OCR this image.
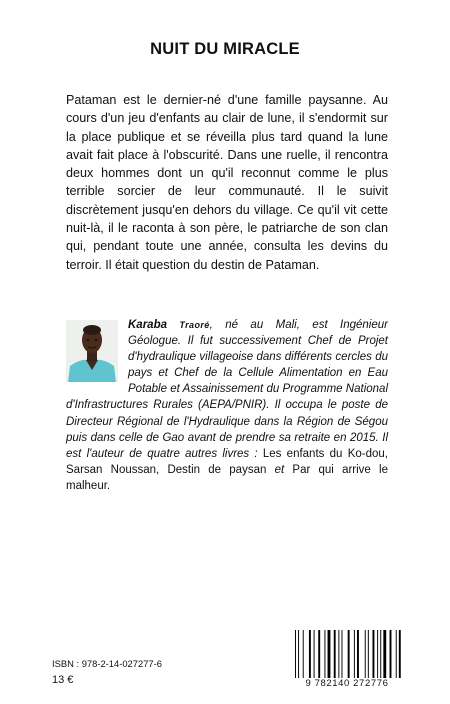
NUIT DU MIRACLE
Pataman est le dernier-né d'une famille paysanne. Au cours d'un jeu d'enfants au clair de lune, il s'endormit sur la place publique et se réveilla plus tard quand la lune avait fait place à l'obscurité. Dans une ruelle, il rencontra deux hommes dont un qu'il reconnut comme le plus terrible sorcier de leur communauté. Il le suivit discrètement jusqu'en dehors du village. Ce qu'il vit cette nuit-là, il le raconta à son père, le patriarche de son clan qui, pendant toute une année, consulta les devins du terroir. Il était question du destin de Pataman.
Karaba Traoré, né au Mali, est Ingénieur Géologue. Il fut successivement Chef de Projet d'hydraulique villageoise dans différents cercles du pays et Chef de la Cellule Alimentation en Eau Potable et Assainissement du Programme National d'Infrastructures Rurales (AEPA/PNIR). Il occupa le poste de Directeur Régional de l'Hydraulique dans la Région de Ségou puis dans celle de Gao avant de prendre sa retraite en 2015. Il est l'auteur de quatre autres livres : Les enfants du Ko-dou, Sarsan Noussan, Destin de paysan et Par qui arrive le malheur.
ISBN : 978-2-14-027277-6
13 €	9 782140 272776
